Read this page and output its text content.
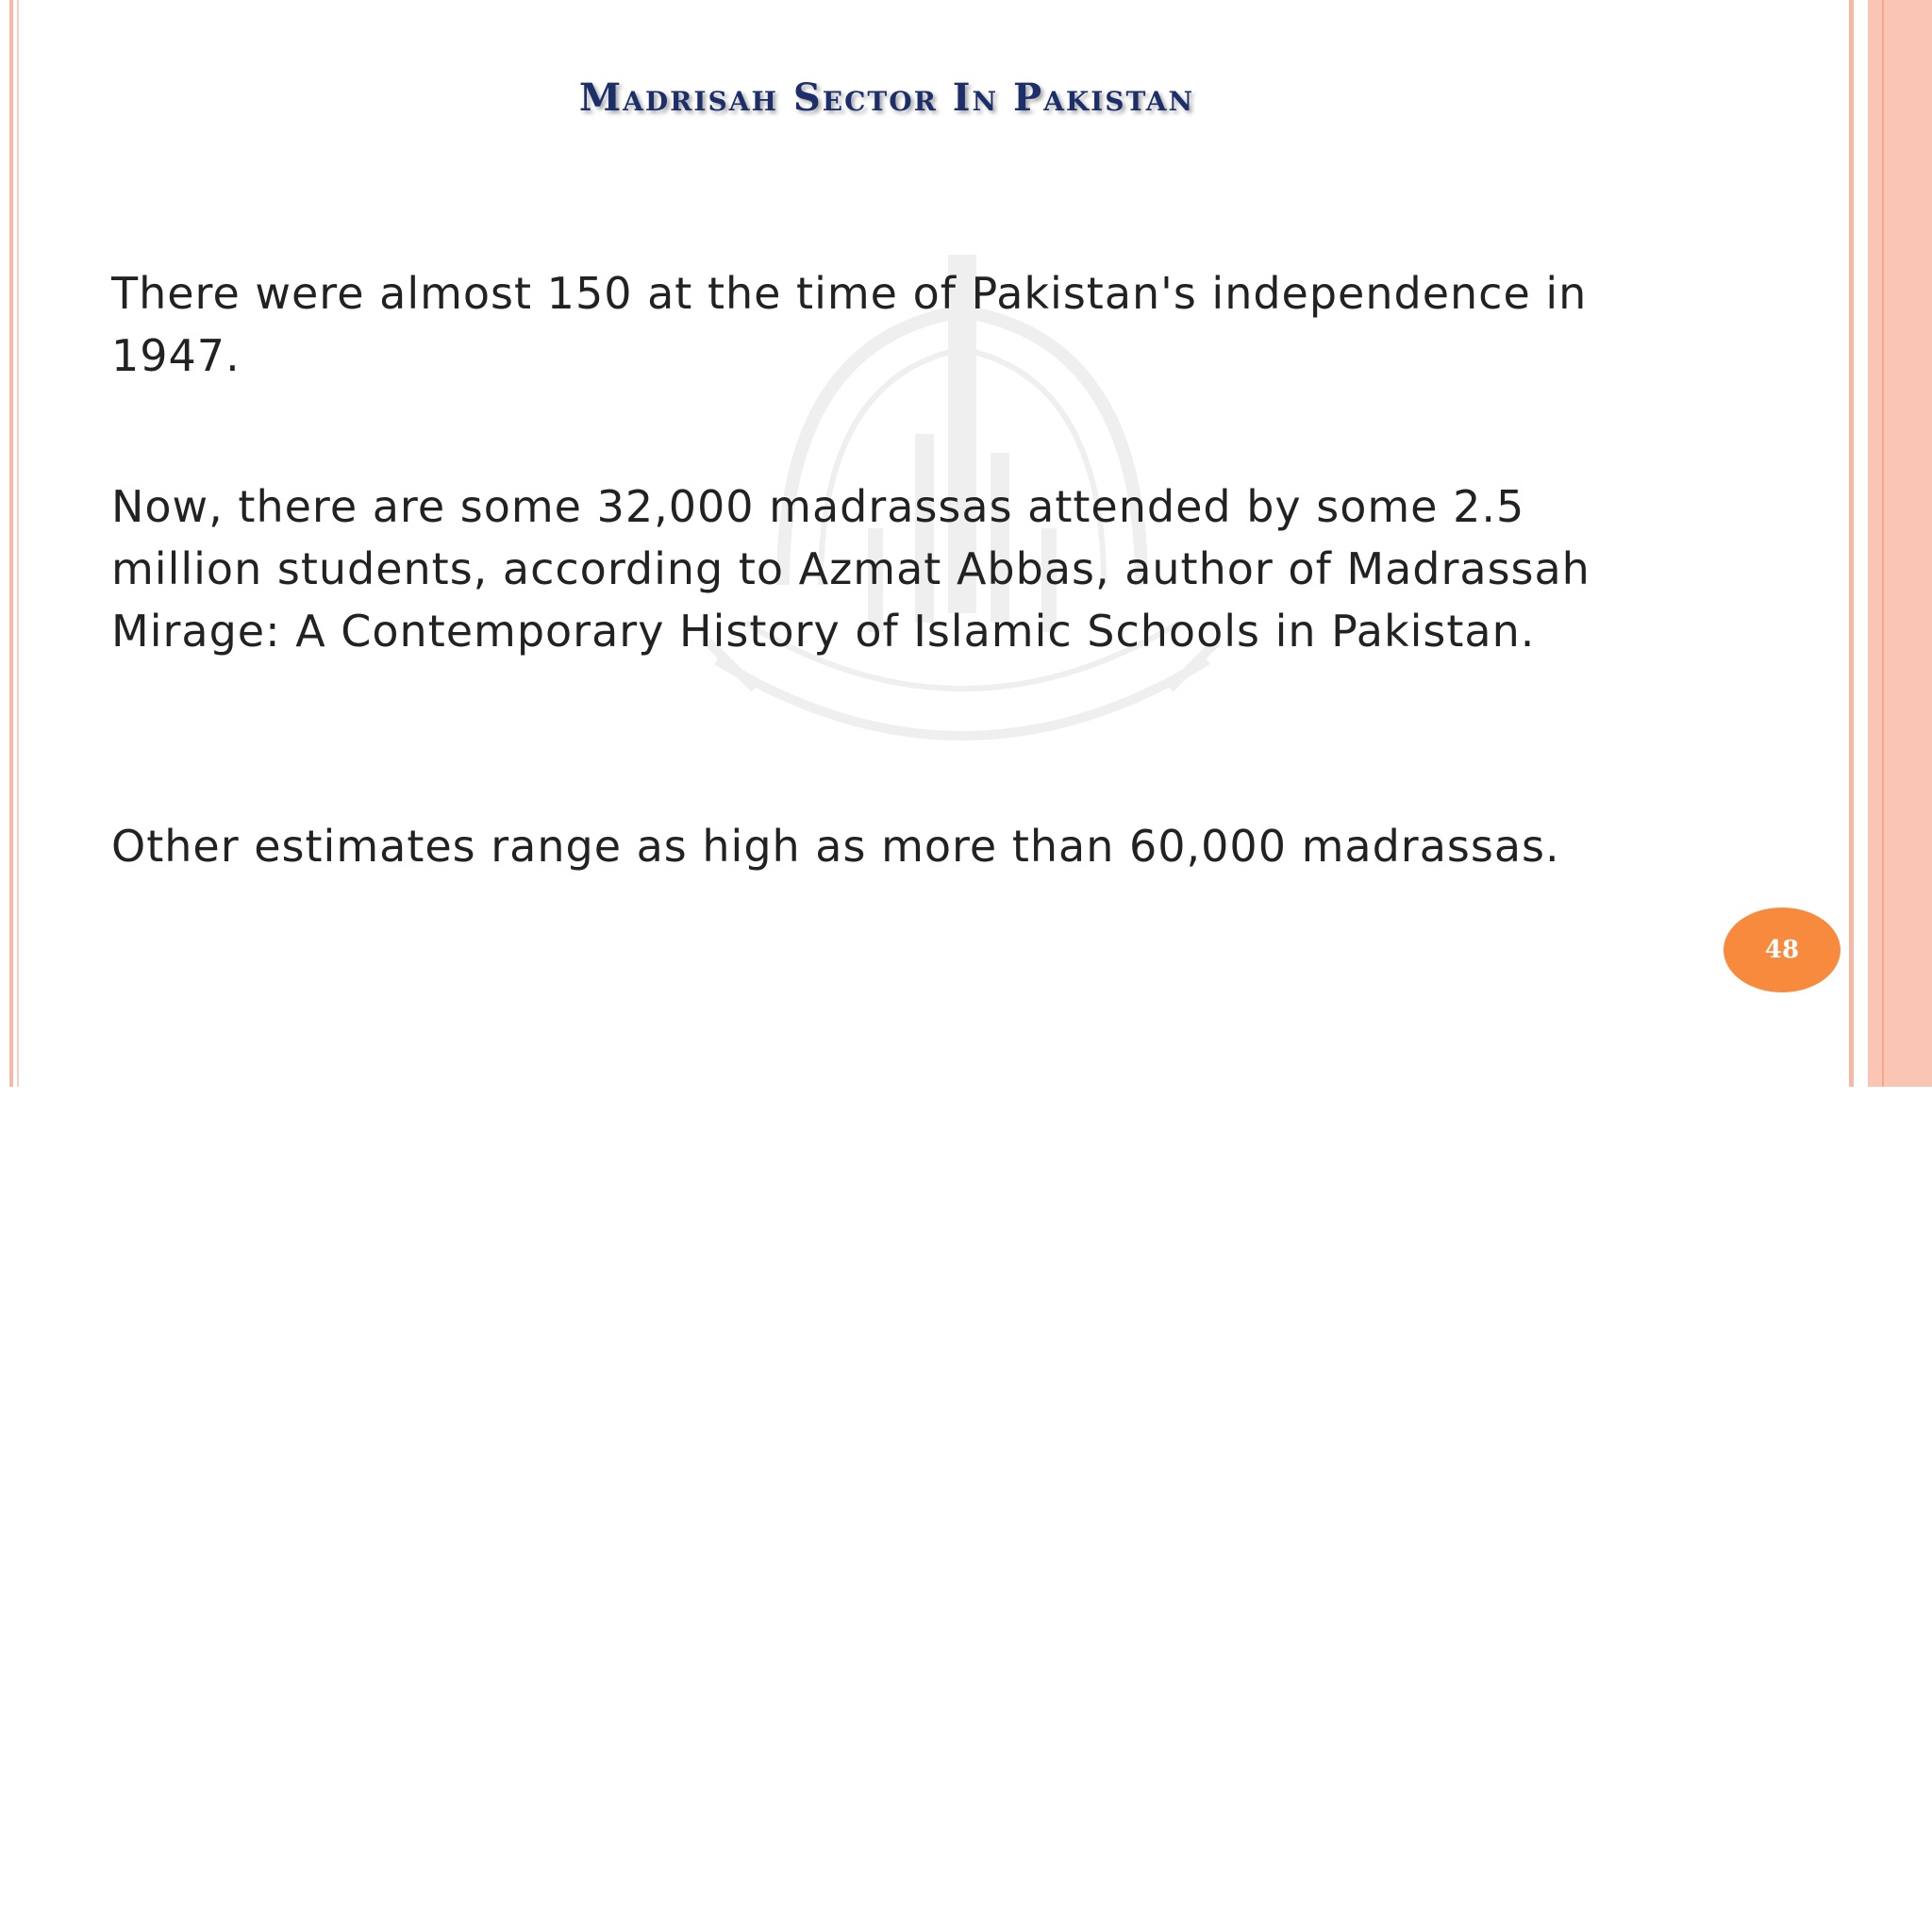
Madrisah Sector In Pakistan
There were almost 150 at the time of Pakistan's independence in 1947.
Now, there are some 32,000 madrassas attended by some 2.5 million students, according to Azmat Abbas, author of Madrassah Mirage: A Contemporary History of Islamic Schools in Pakistan.
Other estimates range as high as more than 60,000 madrassas.
48
